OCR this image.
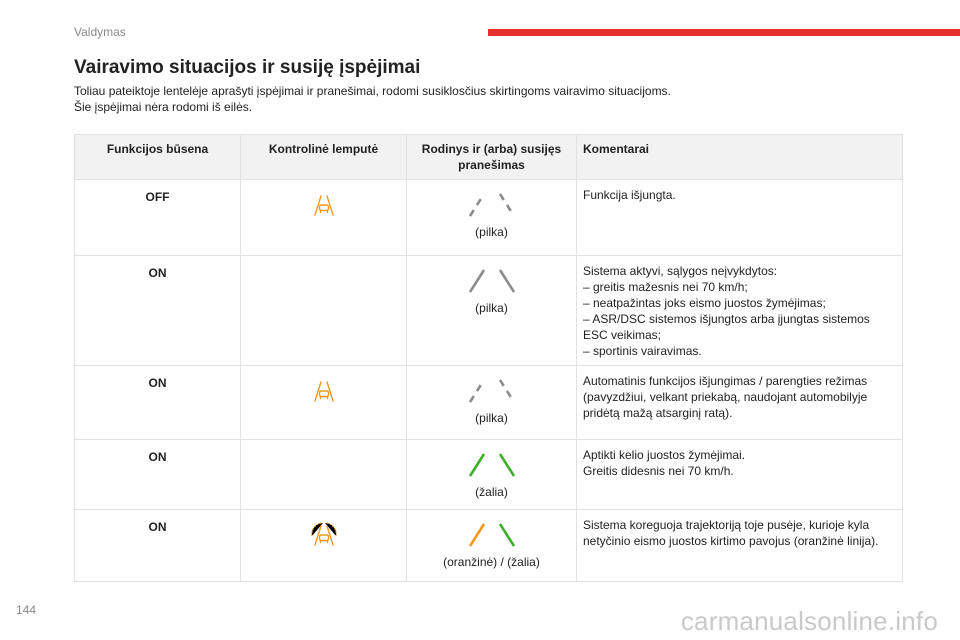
Valdymas
Vairavimo situacijos ir susiję įspėjimai

Toliau pateiktoje lentelėje aprašyti įspėjimai ir pranešimai, rodomi susiklosčius skirtingoms vairavimo situacijoms.

Šie įspėjimai nėra rodomi iš eilės.

Funkcijos būsena	Kontrolinė lemputė	Rodinys ir (arba) susijęs pranešimas	Komentarai
OFF		(pilka)	Funkcija išjungta.

ON		(pilka)	Sistema aktyvi, sąlygos neįvykdytos:
– greitis mažesnis nei 70 km/h;
– neatpažintas joks eismo juostos žymėjimas;
– ASR/DSC sistemos išjungtos arba įjungtas sistemos ESC veikimas;
– sportinis vairavimas.

ON		(pilka)	Automatinis funkcijos išjungimas / parengties režimas (pavyzdžiui, velkant priekabą, naudojant automobilyje pridėtą mažą atsarginį ratą).

ON		(žalia)	Aptikti kelio juostos žymėjimai.
Greitis didesnis nei 70 km/h.

ON		(oranžinė) / (žalia)	Sistema koreguoja trajektoriją toje pusėje, kurioje kyla netyčinio eismo juostos kirtimo pavojus (oranžinė linija).
144	carmanualsonline.info
